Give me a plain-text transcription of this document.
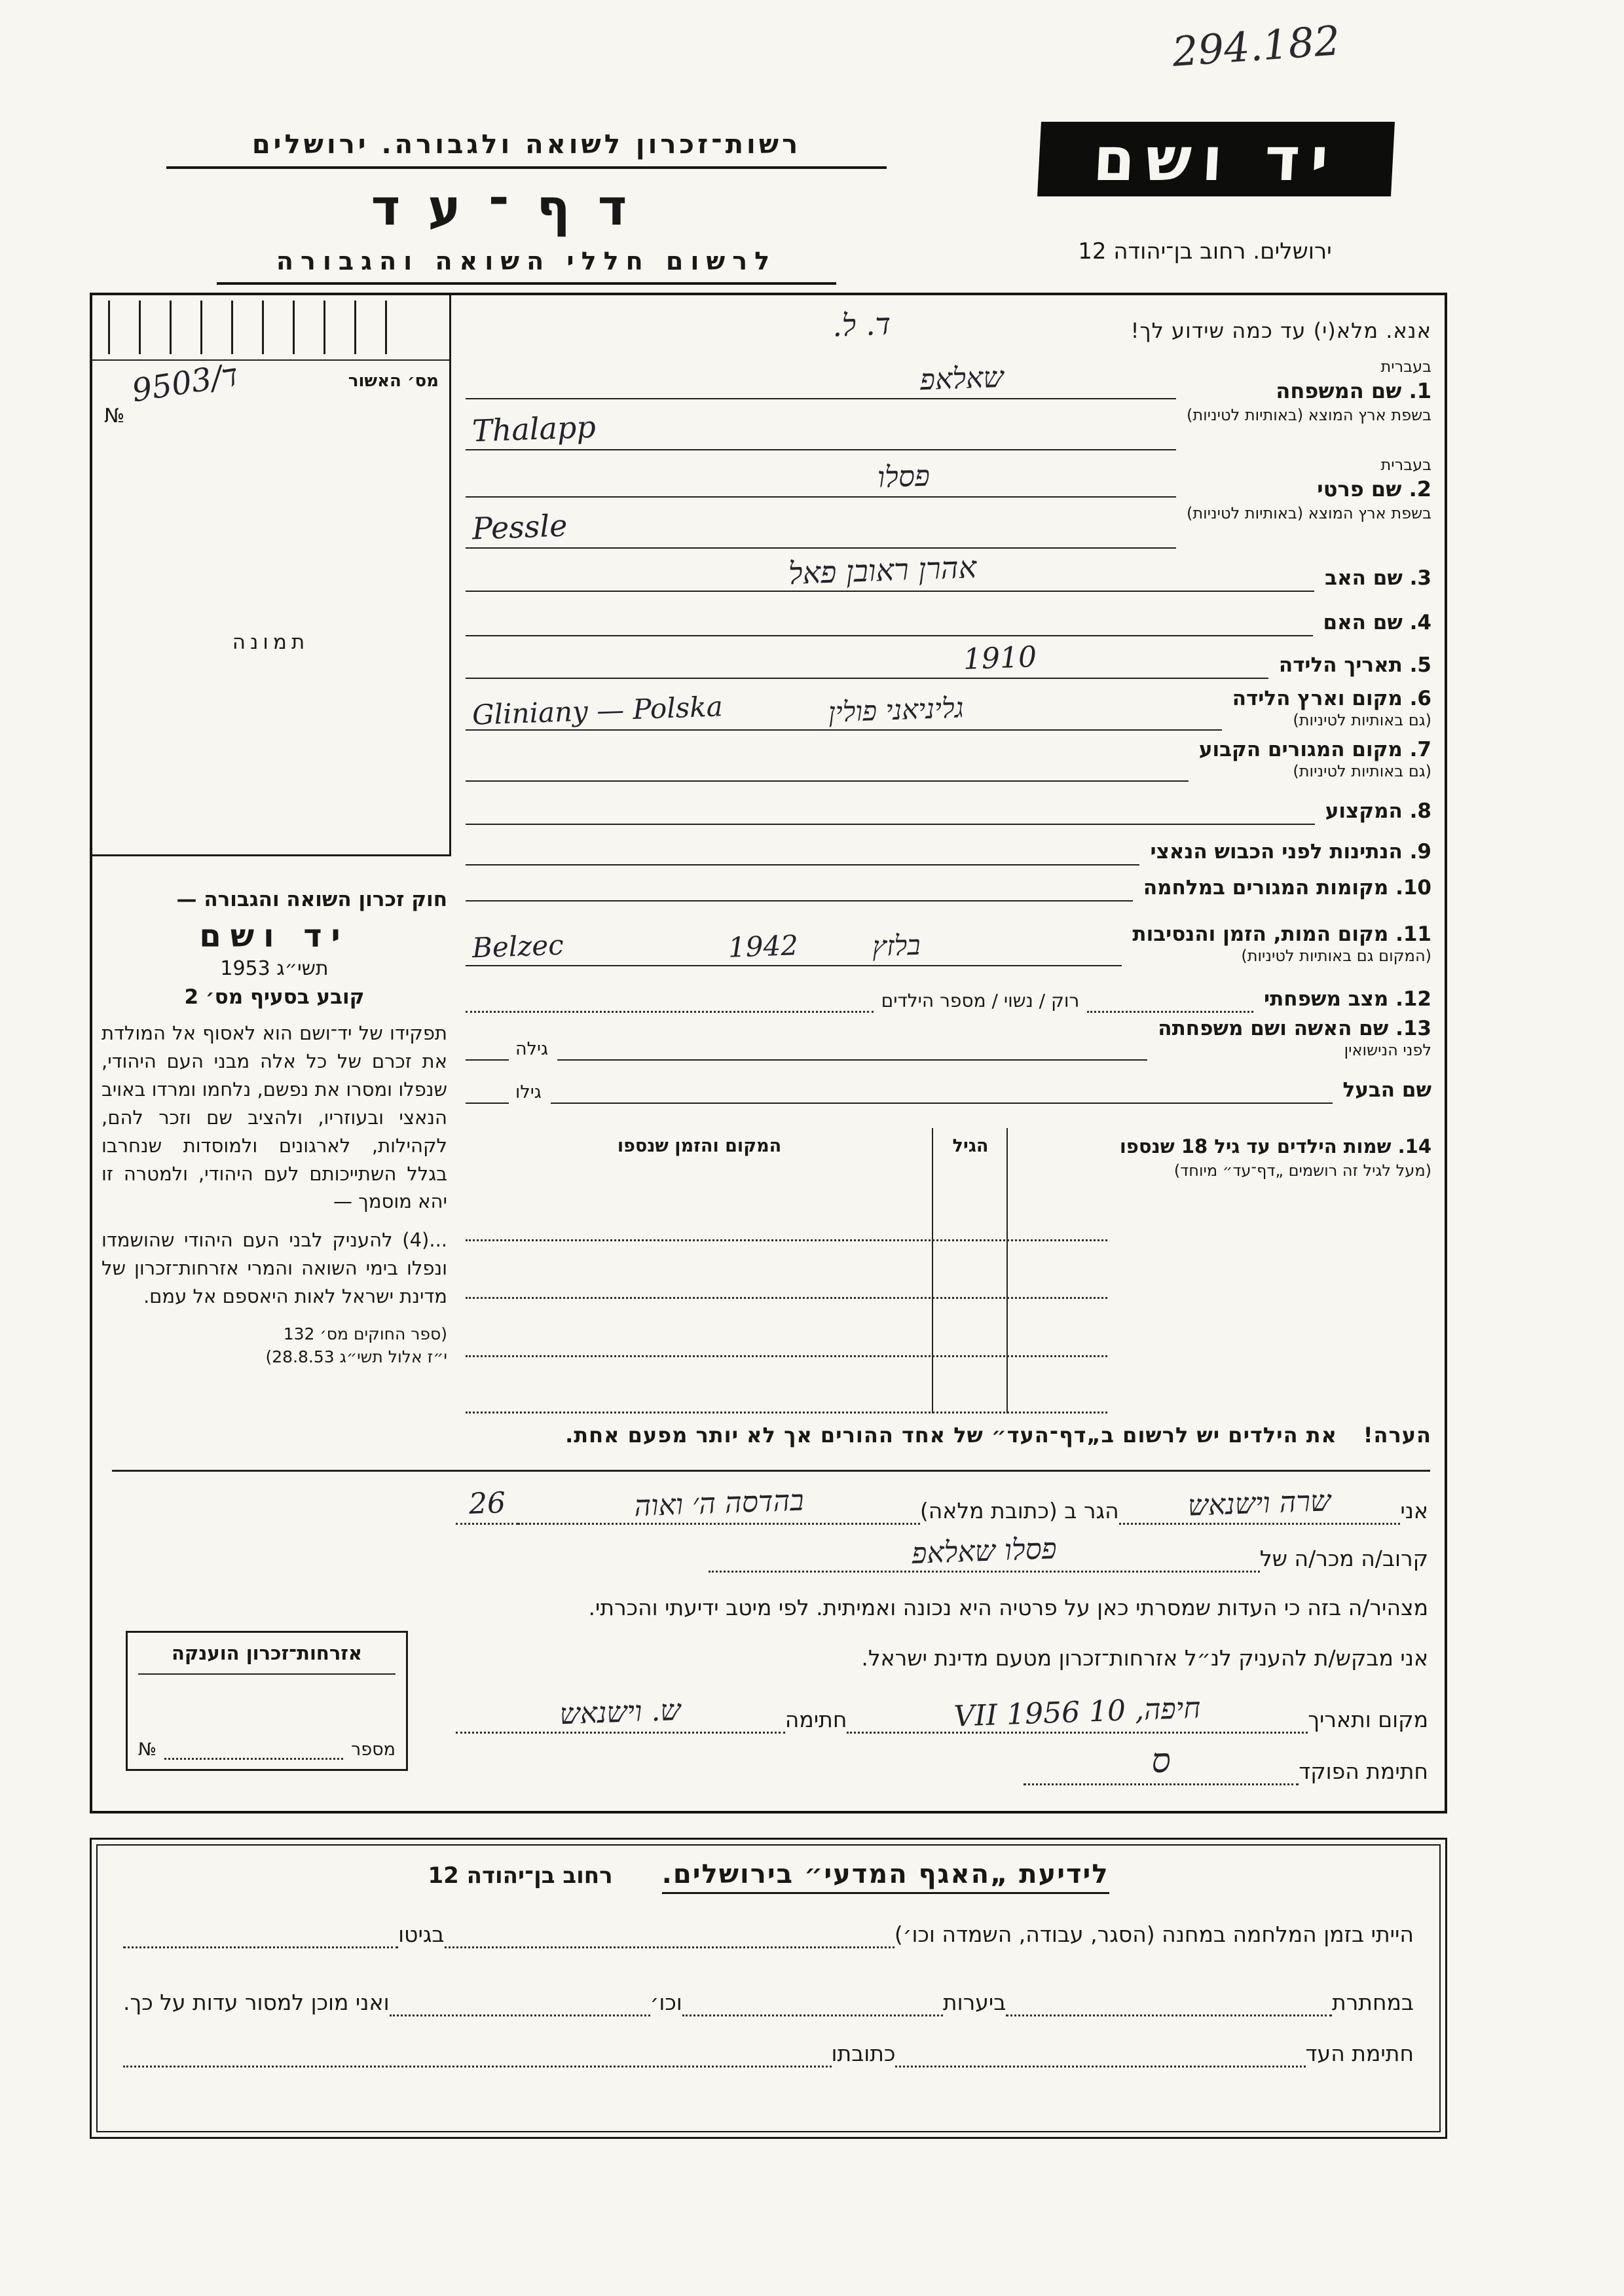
294.182
רשות־זכרון לשואה ולגבורה. ירושלים
דף־עד
לרשום חללי השואה והגבורה
יד ושם
ירושלים. רחוב בן־יהודה 12
מס׳ האשור
№
9503/ד
תמונה
חוק זכרון השואה והגבורה —
יד ושם
תשי״ג 1953
קובע בסעיף מס׳ 2
תפקידו של יד־ושם הוא לאסוף אל המולדת את זכרם של כל אלה מבני העם היהודי, שנפלו ומסרו את נפשם, נלחמו ומרדו באויב הנאצי ובעוזריו, ולהציב שם וזכר להם, לקהילות, לארגונים ולמוסדות שנחרבו בגלל השתייכותם לעם היהודי, ולמטרה זו יהא מוסמך —
...(4) להעניק לבני העם היהודי שהושמדו ונפלו בימי השואה והמרי אזרחות־זכרון של מדינת ישראל לאות היאספם אל עמם.
(ספר החוקים מס׳ 132
י״ז אלול תשי״ג 28.8.53)
אנא. מלא(י) עד כמה שידוע לך!
ד. ל.
בעברית
1. שם המשפחה
בשפת ארץ המוצא (באותיות לטיניות)
שאלאפ
Thalapp
בעברית
2. שם פרטי
בשפת ארץ המוצא (באותיות לטיניות)
פסלו
Pessle
3. שם האב
אהרן ראובן פאל
4. שם האם
5. תאריך הלידה
1910
6. מקום וארץ הלידה
(גם באותיות לטיניות)
Gliniany — Polska	גליניאני פולין
7. מקום המגורים הקבוע
(גם באותיות לטיניות)
8. המקצוע
9. הנתינות לפני הכבוש הנאצי
10. מקומות המגורים במלחמה
11. מקום המות, הזמן והנסיבות
(המקום גם באותיות לטיניות)
Belzec	1942	בלזץ
12. מצב משפחתי
רוק / נשוי / מספר הילדים
13. שם האשה ושם משפחתה
לפני הנישואין
גילה
שם הבעל
גילו
14. שמות הילדים עד גיל 18 שנספו
(מעל לגיל זה רושמים „דף־עד״ מיוחד)
הגיל
המקום והזמן שנספו
הערה!
את הילדים יש לרשום ב„דף־העד״ של אחד ההורים אך לא יותר מפעם אחת.
אני
שרה וישנאש
הגר ב (כתובת מלאה)
בהדסה ה׳ ואוה
26
קרוב/ה מכר/ה של
פסלו שאלאפ
מצהיר/ה בזה כי העדות שמסרתי כאן על פרטיה היא נכונה ואמיתית. לפי מיטב ידיעתי והכרתי.
אני מבקש/ת להעניק לנ״ל אזרחות־זכרון מטעם מדינת ישראל.
מקום ותאריך
חיפה, 10 VII 1956
חתימה
ש. וישנאש
חתימת הפוקד
ס
אזרחות־זכרון הוענקה
מספר
№
לידיעת „האגף המדעי״ בירושלים. רחוב בן־יהודה 12
הייתי בזמן המלחמה במחנה (הסגר, עבודה, השמדה וכו׳)
בגיטו
במחתרת
ביערות
וכו׳
ואני מוכן למסור עדות על כך.
חתימת העד
כתובתו
